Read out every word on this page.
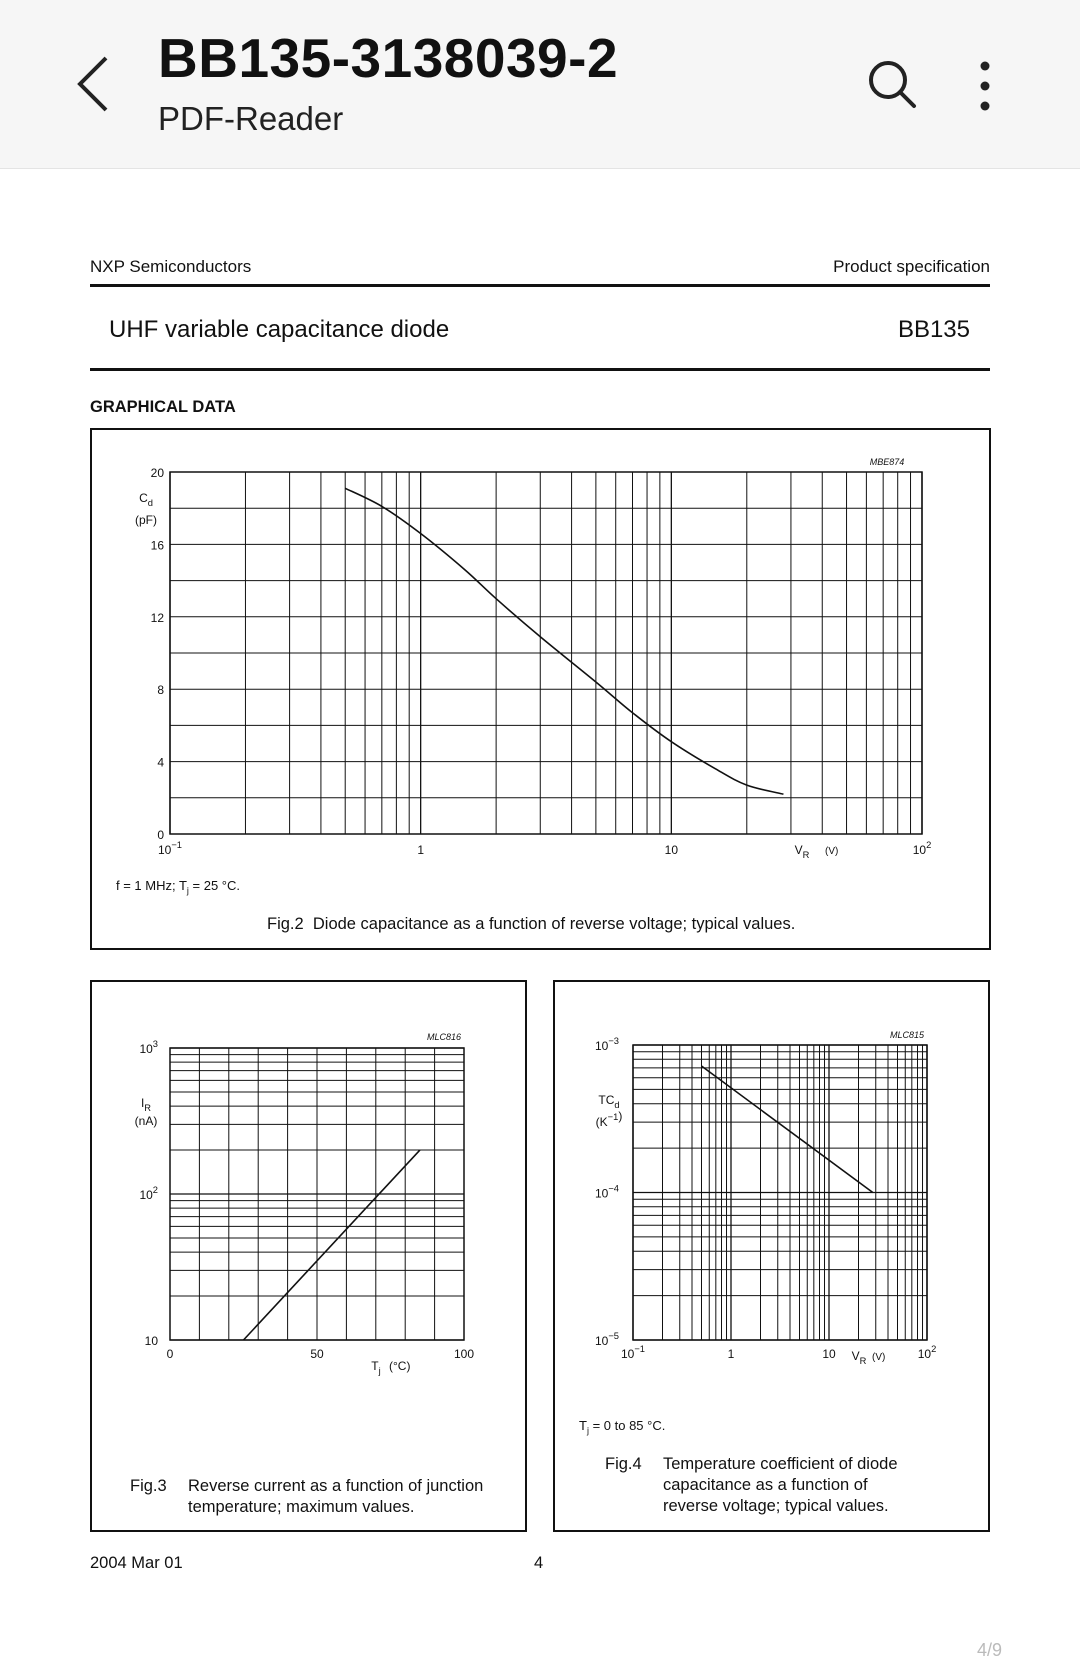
BB135-3138039-2
PDF-Reader
NXP Semiconductors	Product specification
UHF variable capacitance diode	BB135
GRAPHICAL DATA
0
4
8
12
16
20
$10^{-1}$	1	10	$10^2$
$C_d$
(pF)
$V_R$ (V)
MBE874
f = 1 MHz; $T_j = 25$ °C.
Fig.2 Diode capacitance as a function of reverse voltage; typical values.
10
$10^2$
$10^3$
0	50	100
$I_R$
(nA)
$T_j$ (°C)
MLC816
Fig.3 Reverse current as a function of junction
temperature; maximum values.
$10^{-5}$
$10^{-4}$
$10^{-3}$
$10^{-1}$	1	10	$10^2$
$TC_d$
$(K^{-1})$
$V_R$ (V)
MLC815
$T_j = 0$ to 85 °C.
Fig.4 Temperature coefficient of diode
capacitance as a function of
reverse voltage; typical values.
2004 Mar 01	4
4/9
